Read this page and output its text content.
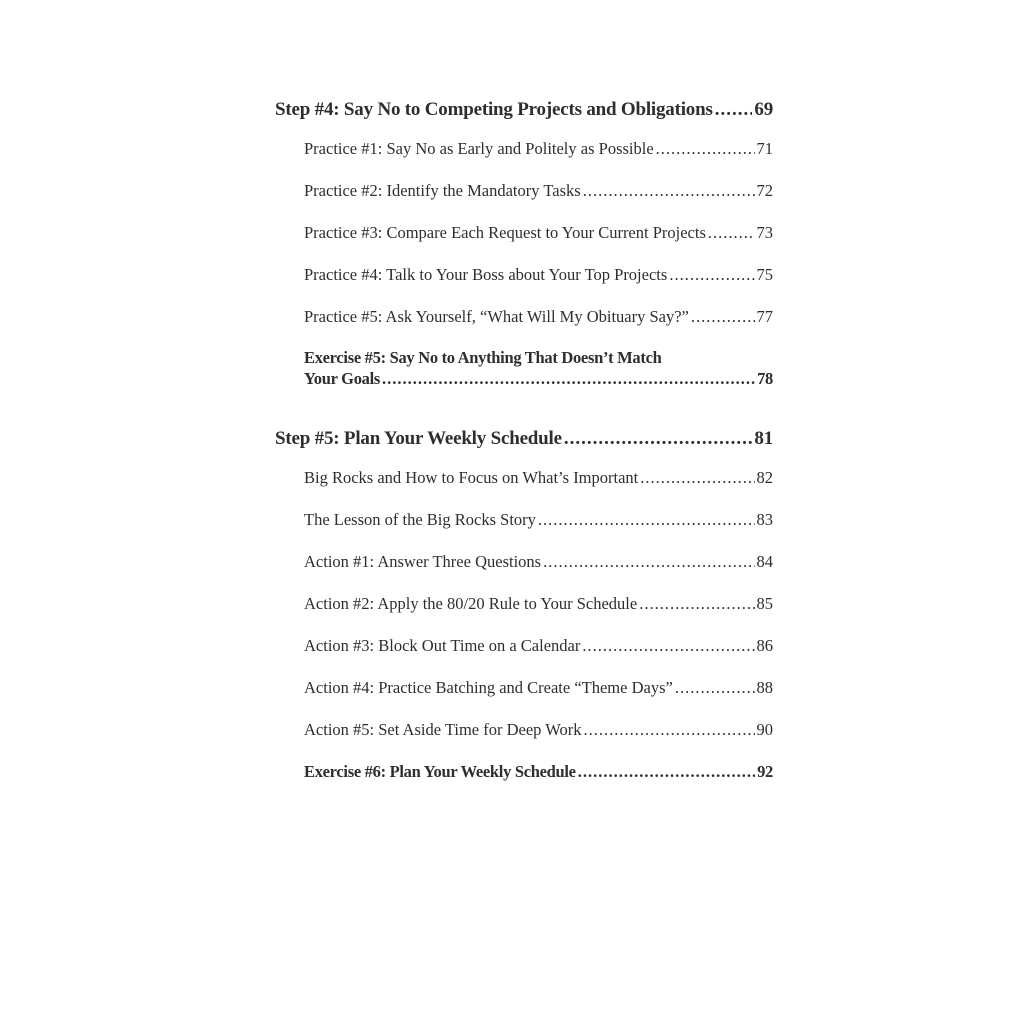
Step #4: Say No to Competing Projects and Obligations ..... 69
Practice #1: Say No as Early and Politely as Possible .....	71
Practice #2: Identify the Mandatory Tasks .....	72
Practice #3: Compare Each Request to Your Current Projects .....	73
Practice #4: Talk to Your Boss about Your Top Projects .....	75
Practice #5: Ask Yourself, “What Will My Obituary Say?” .....	77
Exercise #5: Say No to Anything That Doesn’t Match
Your Goals .....	78
Step #5: Plan Your Weekly Schedule .....	81
Big Rocks and How to Focus on What’s Important .....	82
The Lesson of the Big Rocks Story .....	83
Action #1: Answer Three Questions .....	84
Action #2: Apply the 80/20 Rule to Your Schedule .....	85
Action #3: Block Out Time on a Calendar .....	86
Action #4: Practice Batching and Create “Theme Days” .....	88
Action #5: Set Aside Time for Deep Work .....	90
Exercise #6: Plan Your Weekly Schedule .....	92
